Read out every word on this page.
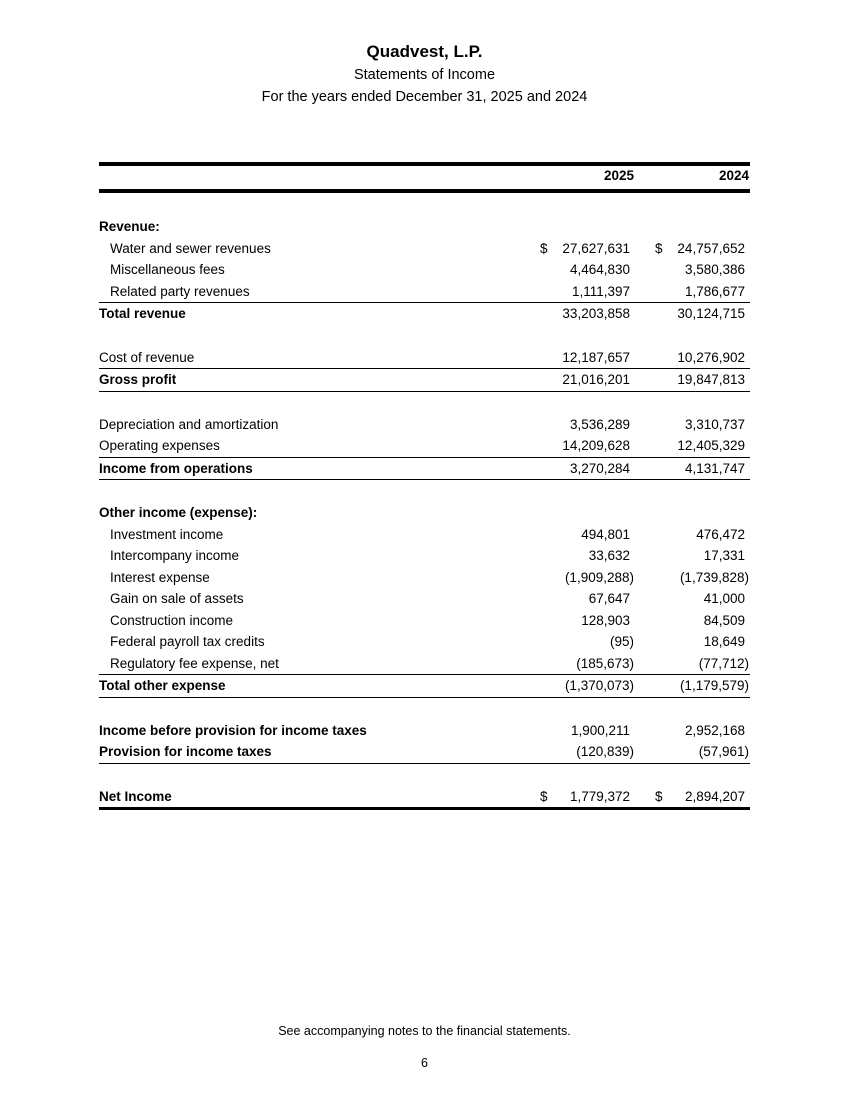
Quadvest, L.P.
Statements of Income
For the years ended December 31, 2025 and 2024
2025	2024
Revenue:
Water and sewer revenues	$ 27,627,631 $ 24,757,652
Miscellaneous fees	4,464,830	3,580,386
Related party revenues	1,111,397	1,786,677
Total revenue	33,203,858	30,124,715
Cost of revenue	12,187,657	10,276,902
Gross profit	21,016,201	19,847,813
Depreciation and amortization	3,536,289	3,310,737
Operating expenses	14,209,628	12,405,329
Income from operations	3,270,284	4,131,747
Other income (expense):
Investment income	494,801	476,472
Intercompany income	33,632	17,331
Interest expense	(1,909,288)	(1,739,828)
Gain on sale of assets	67,647	41,000
Construction income	128,903	84,509
Federal payroll tax credits	(95)	18,649
Regulatory fee expense, net	(185,673)	(77,712)
Total other expense	(1,370,073)	(1,179,579)
Income before provision for income taxes	1,900,211	2,952,168
Provision for income taxes	(120,839)	(57,961)
Net Income	$ 1,779,372 $ 2,894,207
See accompanying notes to the financial statements.
6
